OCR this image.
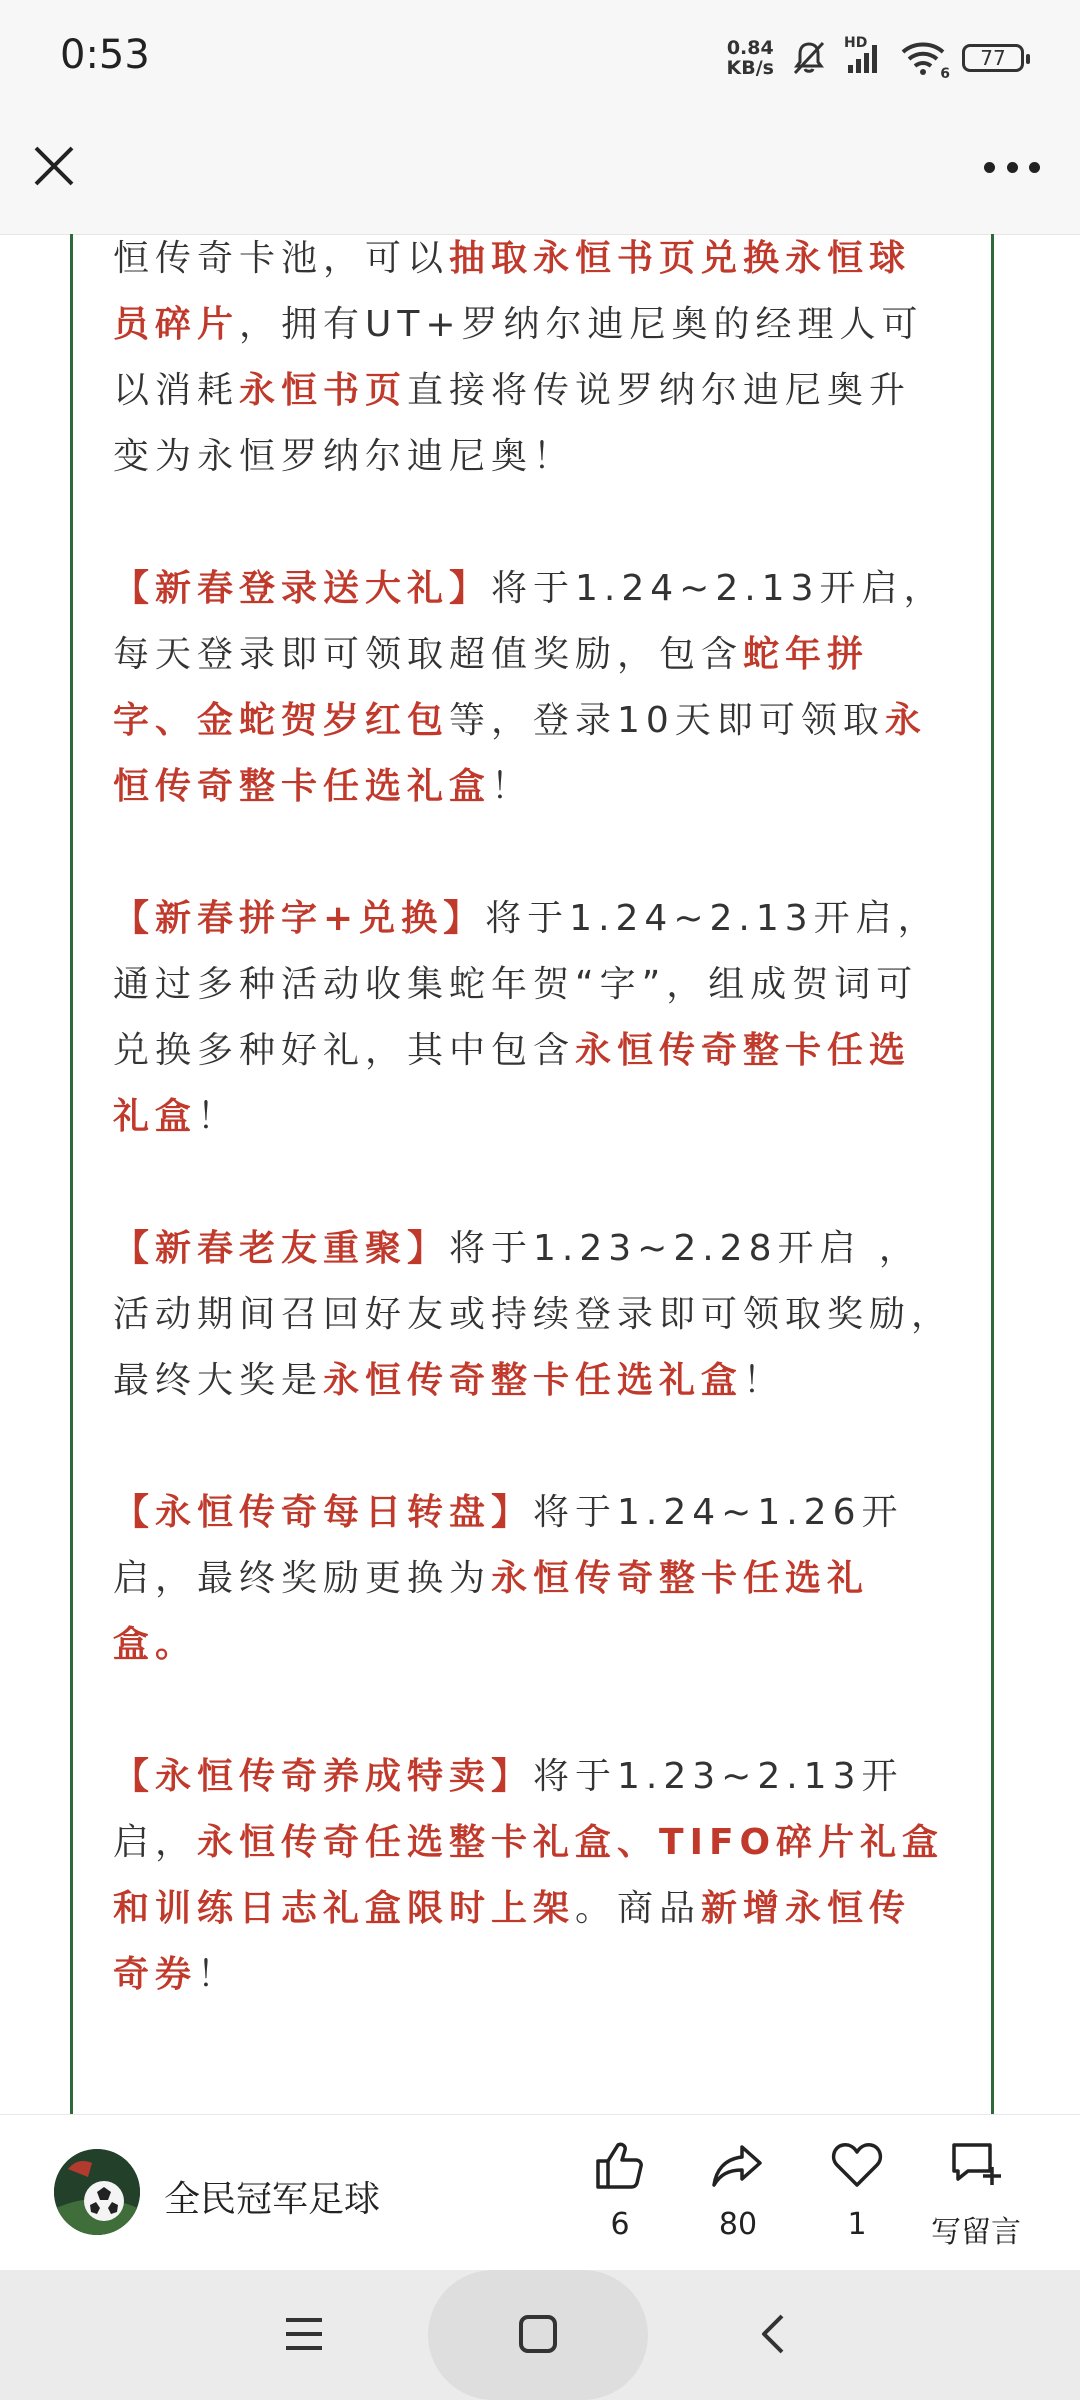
0:53	0.84
KB/s
HD
6
77

恒传奇卡池，可以抽取永恒书页兑换永恒球员碎片，拥有UT+罗纳尔迪尼奥的经理人可以消耗永恒书页直接将传说罗纳尔迪尼奥升变为永恒罗纳尔迪尼奥！

【新春登录送大礼】将于1.24~2.13开启，每天登录即可领取超值奖励，包含蛇年拼字、金蛇贺岁红包等，登录10天即可领取永恒传奇整卡任选礼盒！

【新春拼字+兑换】将于1.24~2.13开启，通过多种活动收集蛇年贺“字”，组成贺词可兑换多种好礼，其中包含永恒传奇整卡任选礼盒！

【新春老友重聚】将于1.23~2.28开启 ，活动期间召回好友或持续登录即可领取奖励，最终大奖是永恒传奇整卡任选礼盒！

【永恒传奇每日转盘】将于1.24~1.26开启，最终奖励更换为永恒传奇整卡任选礼盒。

【永恒传奇养成特卖】将于1.23~2.13开启，永恒传奇任选整卡礼盒、TIFO碎片礼盒和训练日志礼盒限时上架。商品新增永恒传奇券！

全民冠军足球
6	80	1 写留言
